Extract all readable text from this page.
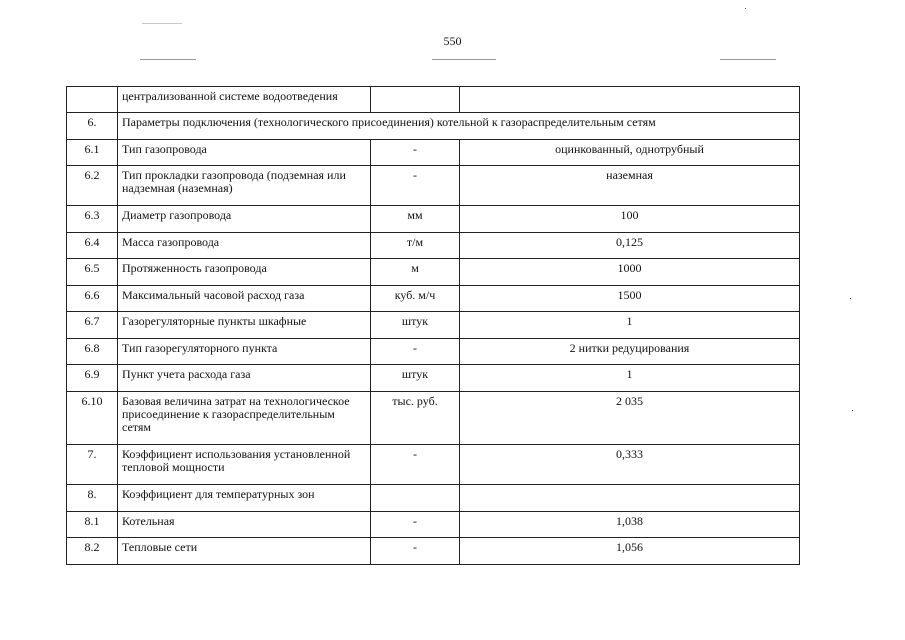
550
	централизованной системе водоотведения		
6.	Параметры подключения (технологического присоединения) котельной к газораспределительным сетям		
6.1	Тип газопровода	-	оцинкованный, однотрубный
6.2	Тип прокладки газопровода (подземная или надземная (наземная)	-	наземная
6.3	Диаметр газопровода	мм	100
6.4	Масса газопровода	т/м	0,125
6.5	Протяженность газопровода	м	1000
6.6	Максимальный часовой расход газа	куб. м/ч	1500
6.7	Газорегуляторные пункты шкафные	штук	1
6.8	Тип газорегуляторного пункта	-	2 нитки редуцирования
6.9	Пункт учета расхода газа	штук	1
6.10	Базовая величина затрат на технологическое присоединение к газораспределительным сетям	тыс. руб.	2 035
7.	Коэффициент использования установленной тепловой мощности	-	0,333
8.	Коэффициент для температурных зон		
8.1	Котельная	-	1,038
8.2	Тепловые сети	-	1,056
